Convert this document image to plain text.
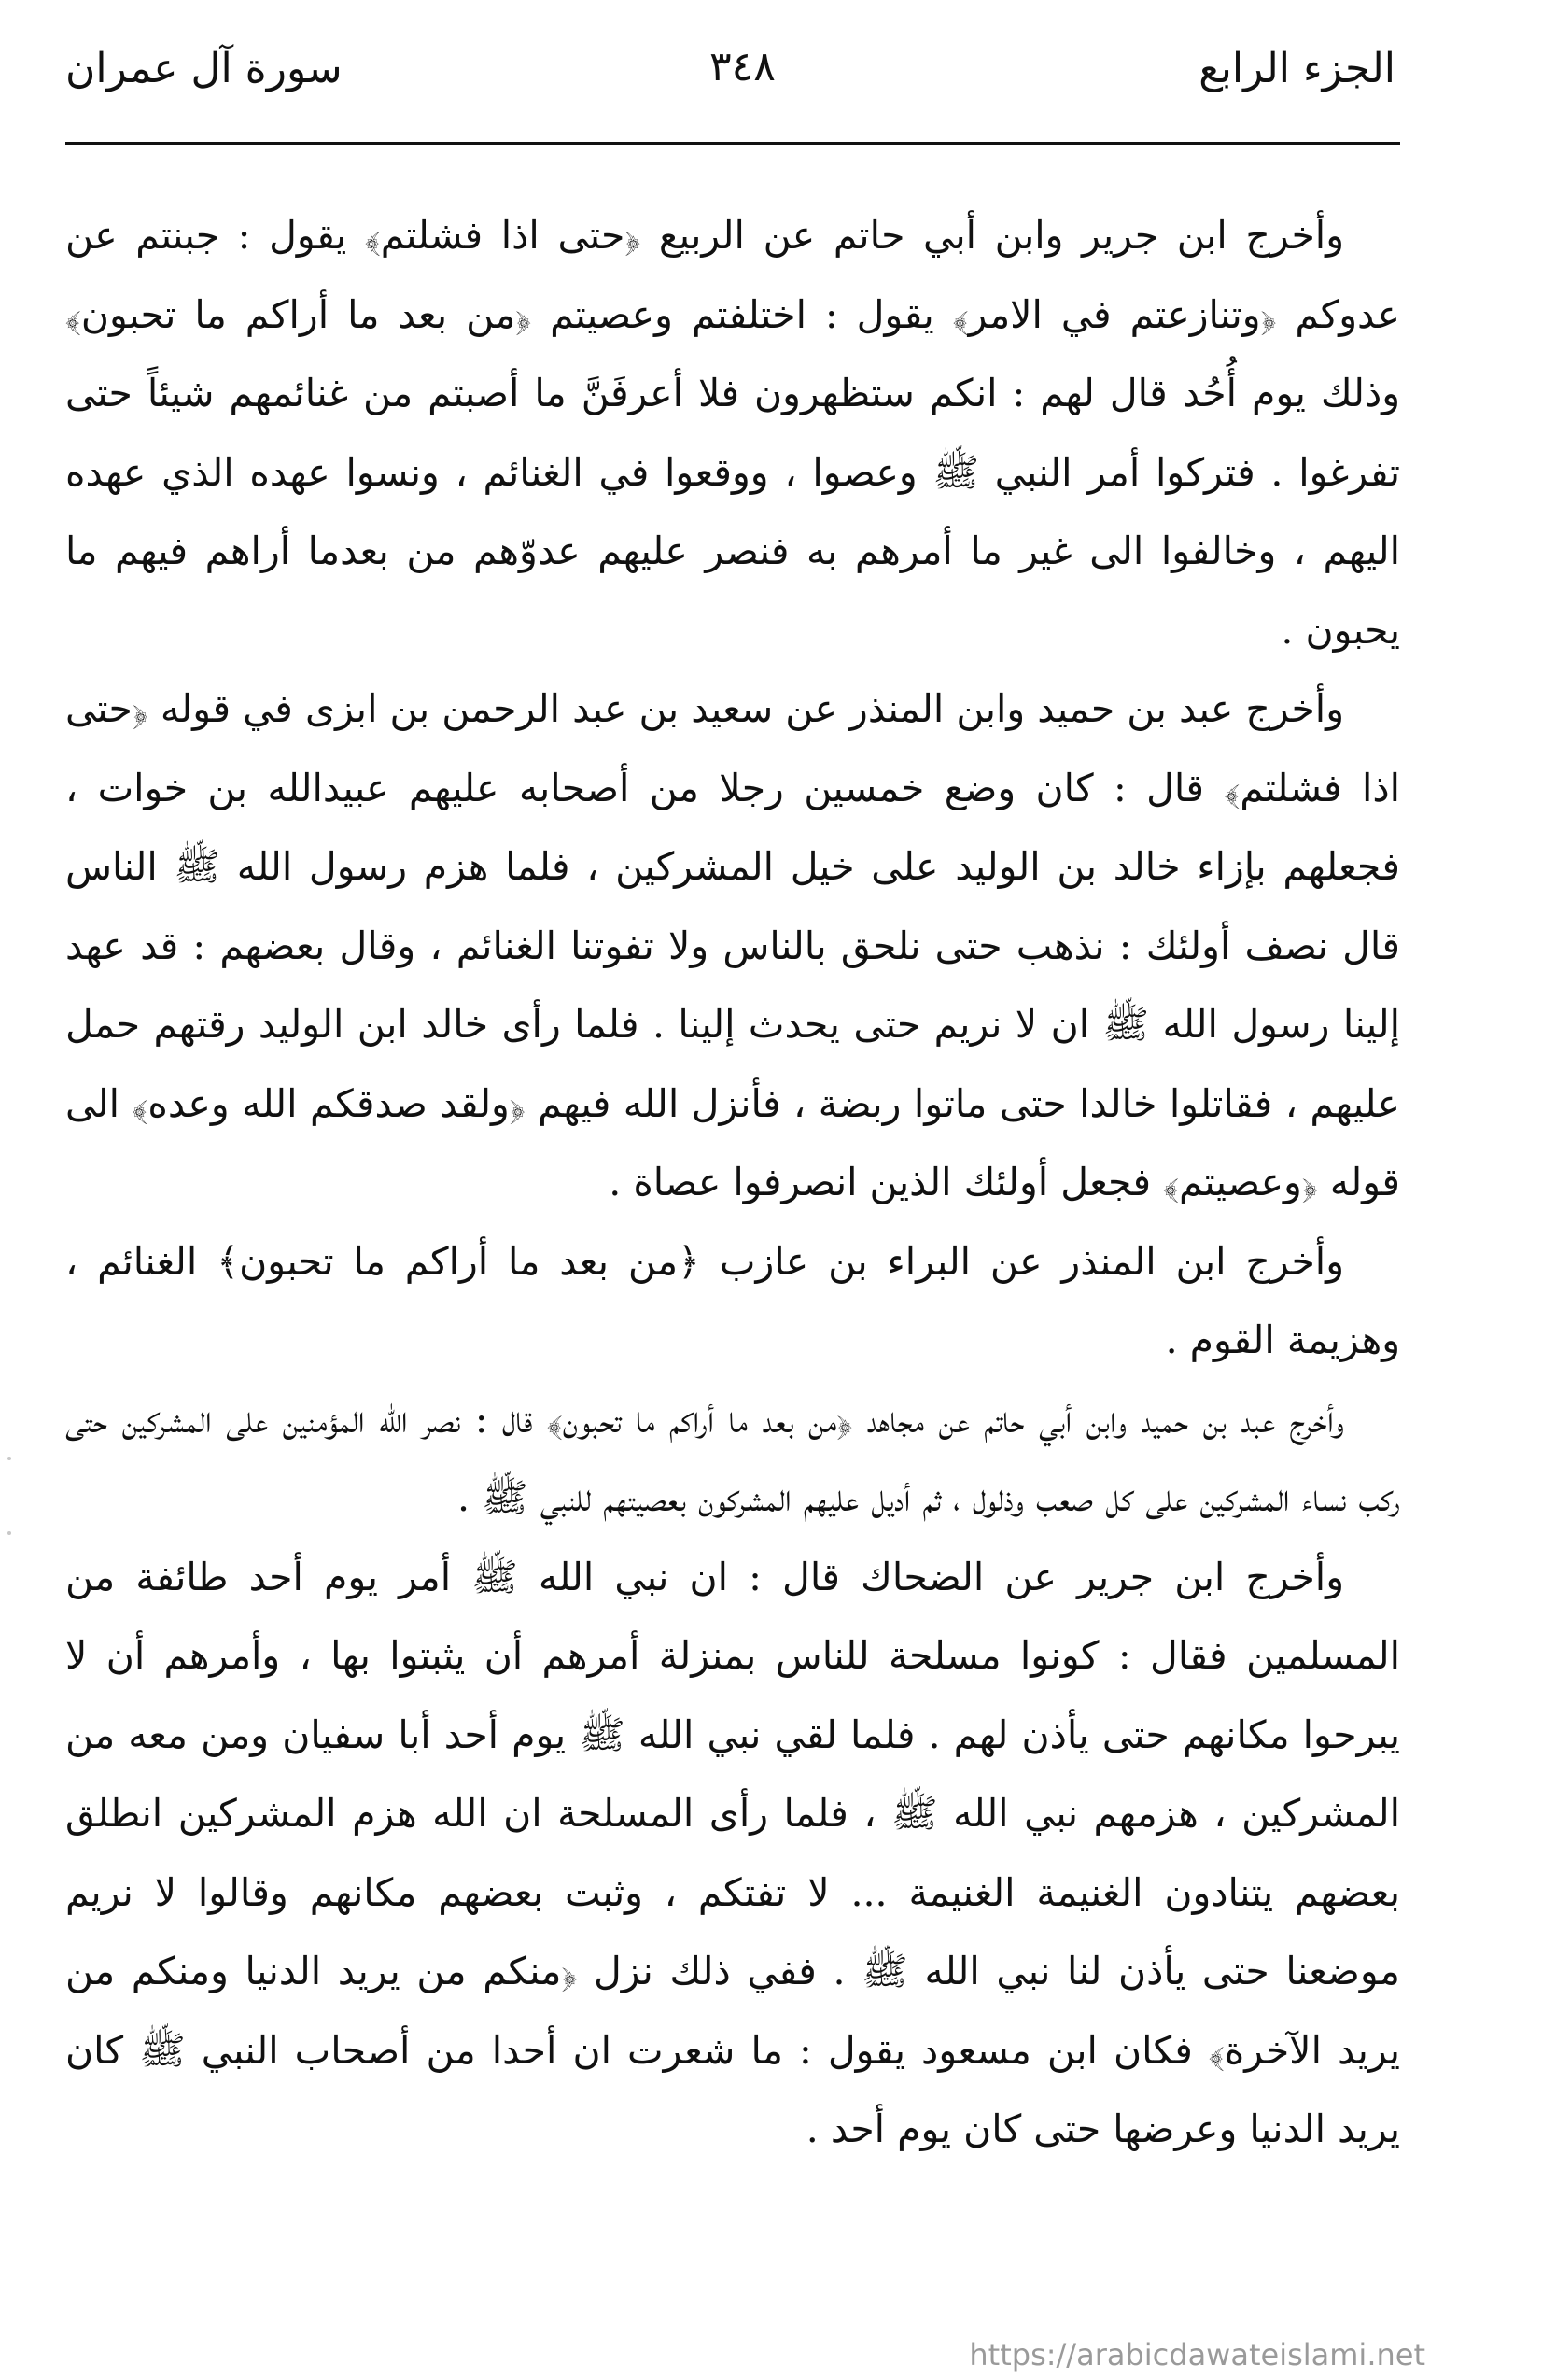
الجزء الرابع
٣٤٨
سورة آل عمران

وأخرج ابن جرير وابن أبي حاتم عن الربيع ﴿حتى اذا فشلتم﴾ يقول : جبنتم عن عدوكم ﴿وتنازعتم في الامر﴾ يقول : اختلفتم وعصيتم ﴿من بعد ما أراكم ما تحبون﴾ وذلك يوم أُحُد قال لهم : انكم ستظهرون فلا أعرفَنَّ ما أصبتم من غنائمهم شيئاً حتى تفرغوا . فتركوا أمر النبي ﷺ وعصوا ، ووقعوا في الغنائم ، ونسوا عهده الذي عهده اليهم ، وخالفوا الى غير ما أمرهم به فنصر عليهم عدوّهم من بعدما أراهم فيهم ما يحبون .

وأخرج عبد بن حميد وابن المنذر عن سعيد بن عبد الرحمن بن ابزى في قوله ﴿حتى اذا فشلتم﴾ قال : كان وضع خمسين رجلا من أصحابه عليهم عبيدالله بن خوات ، فجعلهم بإزاء خالد بن الوليد على خيل المشركين ، فلما هزم رسول الله ﷺ الناس قال نصف أولئك : نذهب حتى نلحق بالناس ولا تفوتنا الغنائم ، وقال بعضهم : قد عهد إلينا رسول الله ﷺ ان لا نريم حتى يحدث إلينا . فلما رأى خالد ابن الوليد رقتهم حمل عليهم ، فقاتلوا خالدا حتى ماتوا ربضة ، فأنزل الله فيهم ﴿ولقد صدقكم الله وعده﴾ الى قوله ﴿وعصيتم﴾ فجعل أولئك الذين انصرفوا عصاة .

وأخرج ابن المنذر عن البراء بن عازب ﴿من بعد ما أراكم ما تحبون﴾ الغنائم ، وهزيمة القوم .

وأخرج عبد بن حميد وابن أبي حاتم عن مجاهد ﴿من بعد ما أراكم ما تحبون﴾ قال : نصر الله المؤمنين على المشركين حتى ركب نساء المشركين على كل صعب وذلول ، ثم أديل عليهم المشركون بعصيتهم للنبي ﷺ .

وأخرج ابن جرير عن الضحاك قال : ان نبي الله ﷺ أمر يوم أحد طائفة من المسلمين فقال : كونوا مسلحة للناس بمنزلة أمرهم أن يثبتوا بها ، وأمرهم أن لا يبرحوا مكانهم حتى يأذن لهم . فلما لقي نبي الله ﷺ يوم أحد أبا سفيان ومن معه من المشركين ، هزمهم نبي الله ﷺ ، فلما رأى المسلحة ان الله هزم المشركين انطلق بعضهم يتنادون الغنيمة الغنيمة ... لا تفتكم ، وثبت بعضهم مكانهم وقالوا لا نريم موضعنا حتى يأذن لنا نبي الله ﷺ . ففي ذلك نزل ﴿منكم من يريد الدنيا ومنكم من يريد الآخرة﴾ فكان ابن مسعود يقول : ما شعرت ان أحدا من أصحاب النبي ﷺ كان يريد الدنيا وعرضها حتى كان يوم أحد .

https://arabicdawateislami.net
